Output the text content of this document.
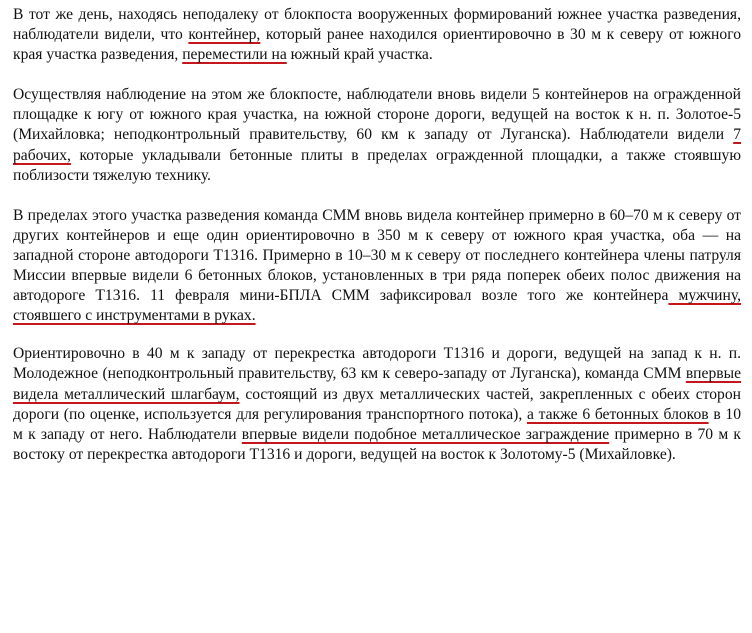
В тот же день, находясь неподалеку от блокпоста вооруженных формирований южнее участка разведения, наблюдатели видели, что контейнер, который ранее находился ориентировочно в 30 м к северу от южного края участка разведения, переместили на южный край участка.

Осуществляя наблюдение на этом же блокпосте, наблюдатели вновь видели 5 контейнеров на огражденной площадке к югу от южного края участка, на южной стороне дороги, ведущей на восток к н. п. Золотое-5 (Михайловка; неподконтрольный правительству, 60 км к западу от Луганска). Наблюдатели видели 7 рабочих, которые укладывали бетонные плиты в пределах огражденной площадки, а также стоявшую поблизости тяжелую технику.

В пределах этого участка разведения команда СММ вновь видела контейнер примерно в 60–70 м к северу от других контейнеров и еще один ориентировочно в 350 м к северу от южного края участка, оба — на западной стороне автодороги Т1316. Примерно в 10–30 м к северу от последнего контейнера члены патруля Миссии впервые видели 6 бетонных блоков, установленных в три ряда поперек обеих полос движения на автодороге Т1316. 11 февраля мини-БПЛА СММ зафиксировал возле того же контейнера мужчину, стоявшего с инструментами в руках.

Ориентировочно в 40 м к западу от перекрестка автодороги Т1316 и дороги, ведущей на запад к н. п. Молодежное (неподконтрольный правительству, 63 км к северо-западу от Луганска), команда СММ впервые видела металлический шлагбаум, состоящий из двух металлических частей, закрепленных с обеих сторон дороги (по оценке, используется для регулирования транспортного потока), а также 6 бетонных блоков в 10 м к западу от него. Наблюдатели впервые видели подобное металлическое заграждение примерно в 70 м к востоку от перекрестка автодороги Т1316 и дороги, ведущей на восток к Золотому-5 (Михайловке).
